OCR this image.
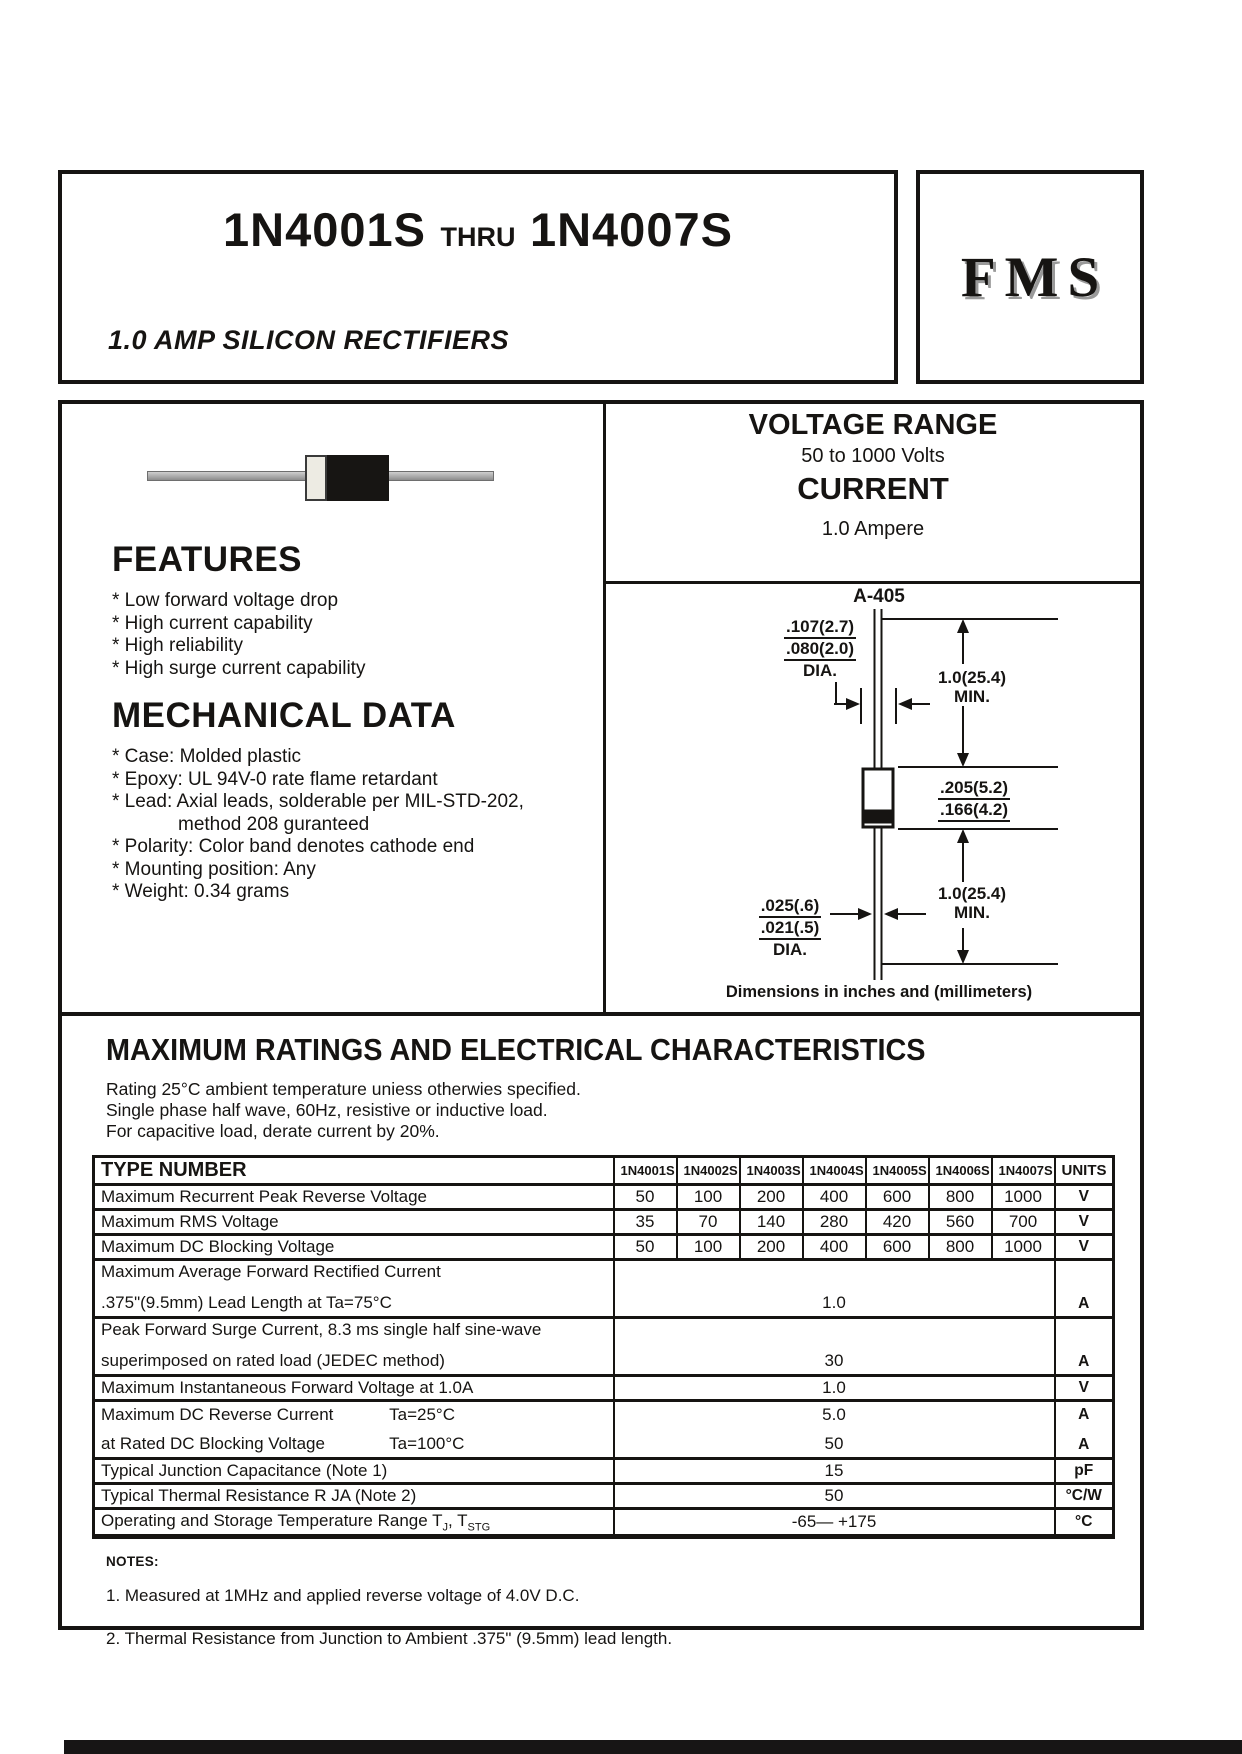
1N4001S THRU 1N4007S
1.0 AMP SILICON RECTIFIERS
FMS
FEATURES
* Low forward voltage drop
* High current capability
* High reliability
* High surge current capability
MECHANICAL DATA
* Case: Molded plastic
* Epoxy: UL 94V-0 rate flame retardant
* Lead: Axial leads, solderable per MIL-STD-202,
method 208 guranteed
* Polarity: Color band denotes cathode end
* Mounting position: Any
* Weight: 0.34 grams
VOLTAGE RANGE
50 to 1000 Volts
CURRENT
1.0 Ampere
A-405
.107(2.7)
.080(2.0)
DIA.	1.0(25.4)
MIN.
.205(5.2)
.166(4.2)
1.0(25.4)
MIN.
.025(.6)
.021(.5)
DIA.
Dimensions in inches and (millimeters)
MAXIMUM RATINGS AND ELECTRICAL CHARACTERISTICS
Rating 25°C ambient temperature uniess otherwies specified.
Single phase half wave, 60Hz, resistive or inductive load.
For capacitive load, derate current by 20%.
TYPE NUMBER	1N4001S	1N4002S	1N4003S	1N4004S	1N4005S	1N4006S	1N4007S	UNITS
Maximum Recurrent Peak Reverse Voltage	50	100	200	400	600	800	1000	V
Maximum RMS Voltage	35	70	140	280	420	560	700	V
Maximum DC Blocking Voltage	50	100	200	400	600	800	1000	V

Maximum Average Forward Rectified Current
.375"(9.5mm) Lead Length at Ta=75°C	1.0							A

Peak Forward Surge Current, 8.3 ms single half sine-wave
superimposed on rated load (JEDEC method)	30							A
Maximum Instantaneous Forward Voltage at 1.0A	1.0							V

Maximum DC Reverse Current Ta=25°C	5.0							A

at Rated DC Blocking Voltage Ta=100°C	50							A
Typical Junction Capacitance (Note 1)	15							pF
Typical Thermal Resistance R JA (Note 2)	50							°C/W
Operating and Storage Temperature Range $T_J$, $T_{STG}$	-65— +175							°C
NOTES:
1. Measured at 1MHz and applied reverse voltage of 4.0V D.C.
2. Thermal Resistance from Junction to Ambient .375" (9.5mm) lead length.
